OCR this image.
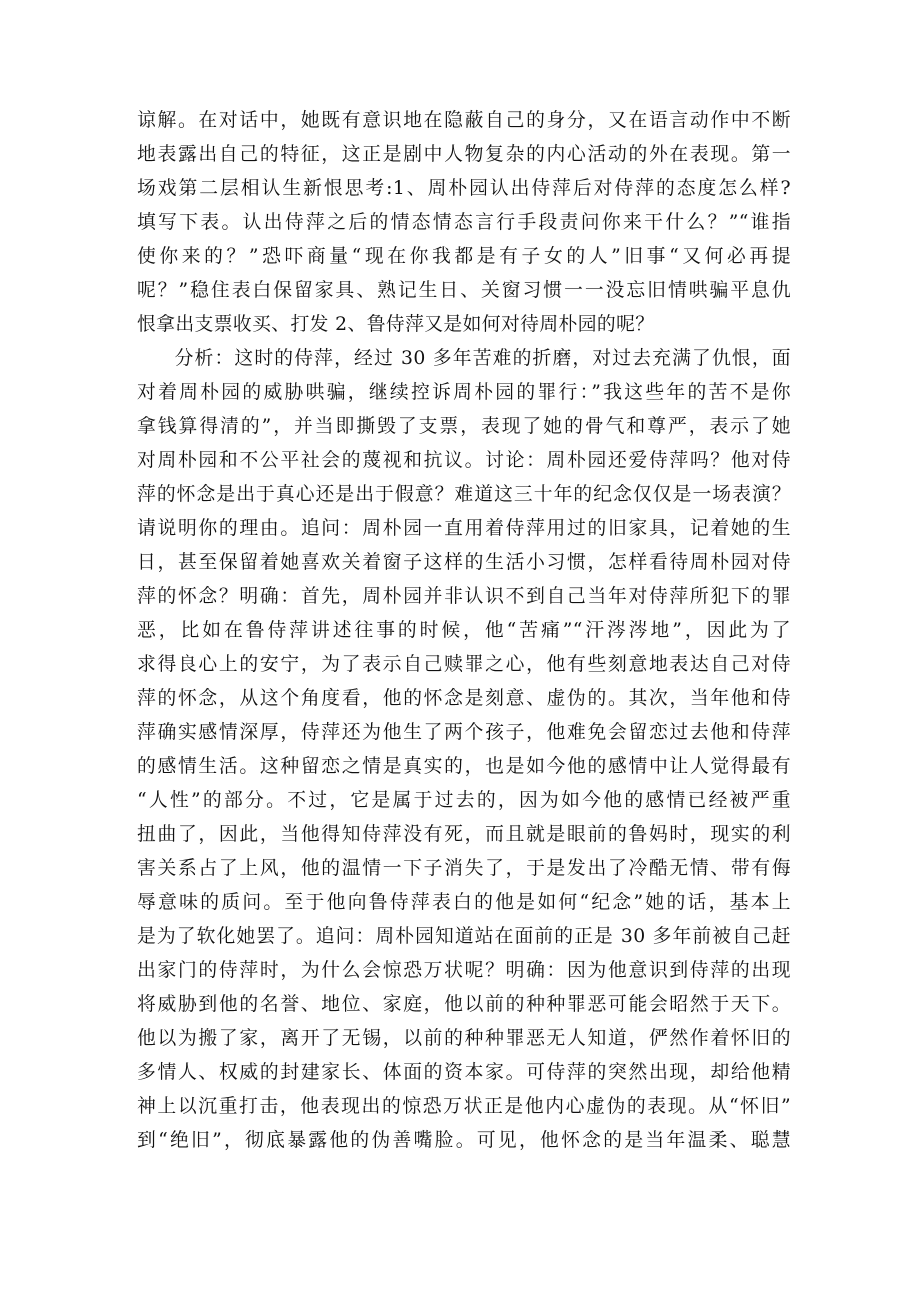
谅解。在对话中，她既有意识地在隐蔽自己的身分，又在语言动作中不断
地表露出自己的特征，这正是剧中人物复杂的内心活动的外在表现。第一
场戏第二层相认生新恨思考:1、周朴园认出侍萍后对侍萍的态度怎么样?
填写下表。认出侍萍之后的情态情态言行手段责问你来干什么？”“谁指
使你来的？”恐吓商量“现在你我都是有子女的人”旧事“又何必再提
呢？”稳住表白保留家具、熟记生日、关窗习惯一一没忘旧情哄骗平息仇
恨拿出支票收买、打发 2、鲁侍萍又是如何对待周朴园的呢？
分析：这时的侍萍，经过 30 多年苦难的折磨，对过去充满了仇恨，面
对着周朴园的威胁哄骗，继续控诉周朴园的罪行：”我这些年的苦不是你
拿钱算得清的”，并当即撕毁了支票，表现了她的骨气和尊严，表示了她
对周朴园和不公平社会的蔑视和抗议。讨论：周朴园还爱侍萍吗？他对侍
萍的怀念是出于真心还是出于假意？难道这三十年的纪念仅仅是一场表演？
请说明你的理由。追问：周朴园一直用着侍萍用过的旧家具，记着她的生
日，甚至保留着她喜欢关着窗子这样的生活小习惯，怎样看待周朴园对侍
萍的怀念？明确：首先，周朴园并非认识不到自己当年对侍萍所犯下的罪
恶，比如在鲁侍萍讲述往事的时候，他“苦痛”“汗涔涔地”，因此为了
求得良心上的安宁，为了表示自己赎罪之心，他有些刻意地表达自己对侍
萍的怀念，从这个角度看，他的怀念是刻意、虚伪的。其次，当年他和侍
萍确实感情深厚，侍萍还为他生了两个孩子，他难免会留恋过去他和侍萍
的感情生活。这种留恋之情是真实的，也是如今他的感情中让人觉得最有
“人性”的部分。不过，它是属于过去的，因为如今他的感情已经被严重
扭曲了，因此，当他得知侍萍没有死，而且就是眼前的鲁妈时，现实的利
害关系占了上风，他的温情一下子消失了，于是发出了冷酷无情、带有侮
辱意味的质问。至于他向鲁侍萍表白的他是如何“纪念”她的话，基本上
是为了软化她罢了。追问：周朴园知道站在面前的正是 30 多年前被自己赶
出家门的侍萍时，为什么会惊恐万状呢？明确：因为他意识到侍萍的出现
将威胁到他的名誉、地位、家庭，他以前的种种罪恶可能会昭然于天下。
他以为搬了家，离开了无锡，以前的种种罪恶无人知道，俨然作着怀旧的
多情人、权威的封建家长、体面的资本家。可侍萍的突然出现，却给他精
神上以沉重打击，他表现出的惊恐万状正是他内心虚伪的表现。从“怀旧”
到“绝旧”，彻底暴露他的伪善嘴脸。可见，他怀念的是当年温柔、聪慧
